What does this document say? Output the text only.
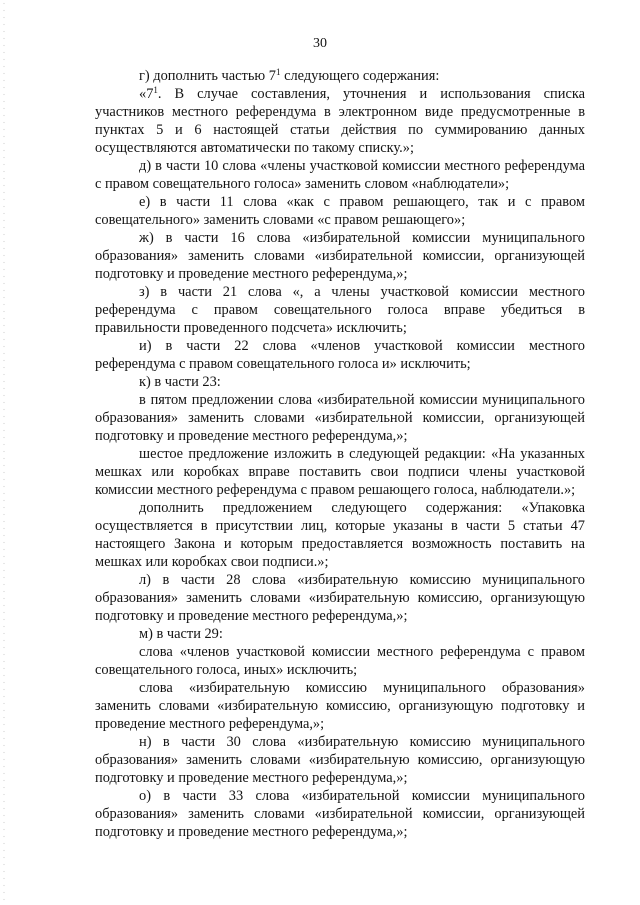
30

г) дополнить частью $7^1$ следующего содержания:

«$7^1$. В случае составления, уточнения и использования списка участников местного референдума в электронном виде предусмотренные в пунктах 5 и 6 настоящей статьи действия по суммированию данных осуществляются автоматически по такому списку.»;

д) в части 10 слова «члены участковой комиссии местного референдума с правом совещательного голоса» заменить словом «наблюдатели»;

е) в части 11 слова «как с правом решающего, так и с правом совещательного» заменить словами «с правом решающего»;

ж) в части 16 слова «избирательной комиссии муниципального образования» заменить словами «избирательной комиссии, организующей подготовку и проведение местного референдума,»;

з) в части 21 слова «, а члены участковой комиссии местного референдума с правом совещательного голоса вправе убедиться в правильности проведенного подсчета» исключить;

и) в части 22 слова «членов участковой комиссии местного референдума с правом совещательного голоса и» исключить;

к) в части 23:

в пятом предложении слова «избирательной комиссии муниципального образования» заменить словами «избирательной комиссии, организующей подготовку и проведение местного референдума,»;

шестое предложение изложить в следующей редакции: «На указанных мешках или коробках вправе поставить свои подписи члены участковой комиссии местного референдума с правом решающего голоса, наблюдатели.»;

дополнить предложением следующего содержания: «Упаковка осуществляется в присутствии лиц, которые указаны в части 5 статьи 47 настоящего Закона и которым предоставляется возможность поставить на мешках или коробках свои подписи.»;

л) в части 28 слова «избирательную комиссию муниципального образования» заменить словами «избирательную комиссию, организующую подготовку и проведение местного референдума,»;

м) в части 29:

слова «членов участковой комиссии местного референдума с правом совещательного голоса, иных» исключить;

слова «избирательную комиссию муниципального образования» заменить словами «избирательную комиссию, организующую подготовку и проведение местного референдума,»;

н) в части 30 слова «избирательную комиссию муниципального образования» заменить словами «избирательную комиссию, организующую подготовку и проведение местного референдума,»;

о) в части 33 слова «избирательной комиссии муниципального образования» заменить словами «избирательной комиссии, организующей подготовку и проведение местного референдума,»;
